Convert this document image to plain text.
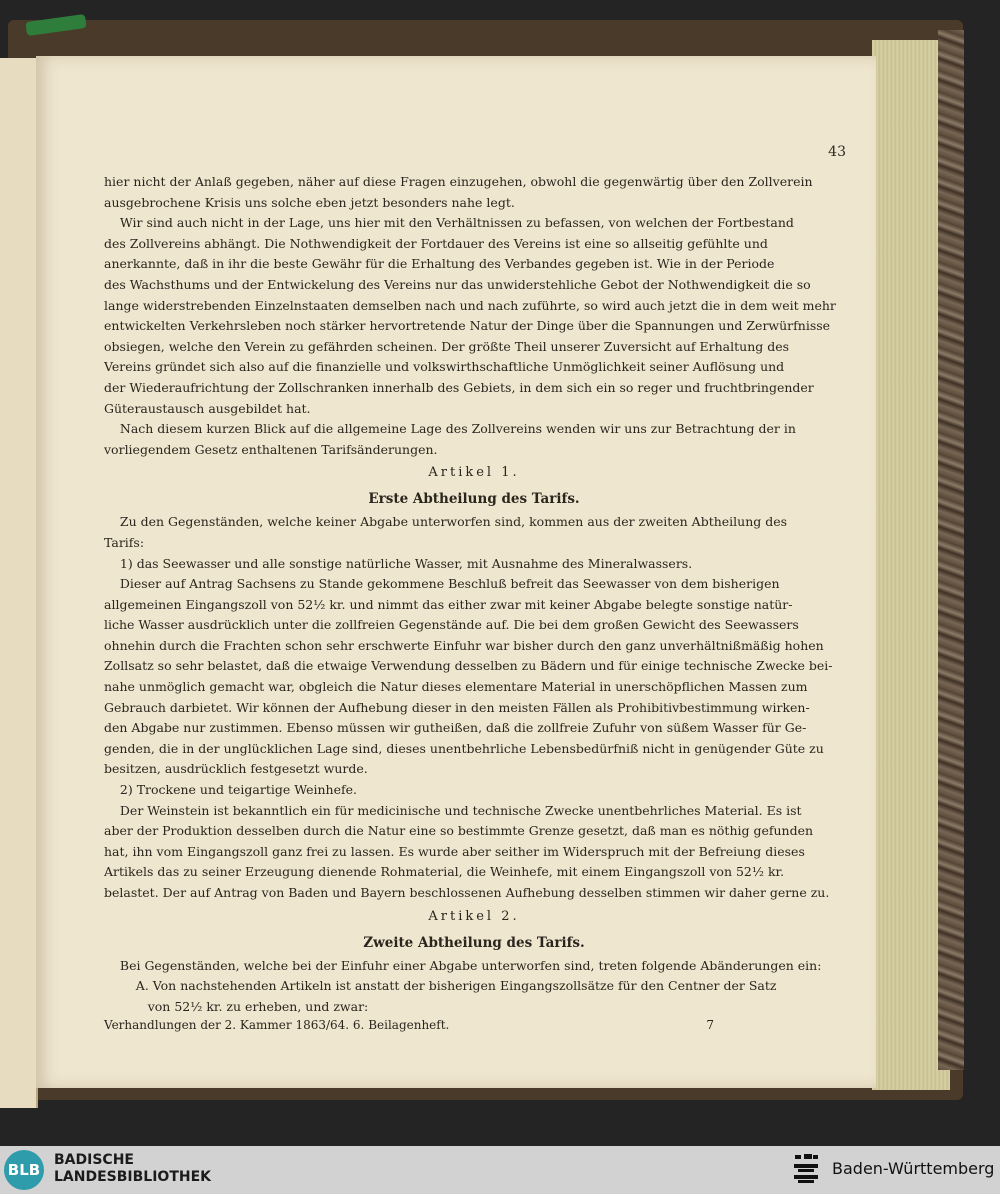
43
hier nicht der Anlaß gegeben, näher auf diese Fragen einzugehen, obwohl die gegenwärtig über den Zollverein
ausgebrochene Krisis uns solche eben jetzt besonders nahe legt.
Wir sind auch nicht in der Lage, uns hier mit den Verhältnissen zu befassen, von welchen der Fortbestand
des Zollvereins abhängt. Die Nothwendigkeit der Fortdauer des Vereins ist eine so allseitig gefühlte und
anerkannte, daß in ihr die beste Gewähr für die Erhaltung des Verbandes gegeben ist. Wie in der Periode
des Wachsthums und der Entwickelung des Vereins nur das unwiderstehliche Gebot der Nothwendigkeit die so
lange widerstrebenden Einzelnstaaten demselben nach und nach zuführte, so wird auch jetzt die in dem weit mehr
entwickelten Verkehrsleben noch stärker hervortretende Natur der Dinge über die Spannungen und Zerwürfnisse
obsiegen, welche den Verein zu gefährden scheinen. Der größte Theil unserer Zuversicht auf Erhaltung des
Vereins gründet sich also auf die finanzielle und volkswirthschaftliche Unmöglichkeit seiner Auflösung und
der Wiederaufrichtung der Zollschranken innerhalb des Gebiets, in dem sich ein so reger und fruchtbringender
Güteraustausch ausgebildet hat.
Nach diesem kurzen Blick auf die allgemeine Lage des Zollvereins wenden wir uns zur Betrachtung der in
vorliegendem Gesetz enthaltenen Tarifsänderungen.
Artikel 1.
Erste Abtheilung des Tarifs.
Zu den Gegenständen, welche keiner Abgabe unterworfen sind, kommen aus der zweiten Abtheilung des
Tarifs:
1) das Seewasser und alle sonstige natürliche Wasser, mit Ausnahme des Mineralwassers.
Dieser auf Antrag Sachsens zu Stande gekommene Beschluß befreit das Seewasser von dem bisherigen
allgemeinen Eingangszoll von 52½ kr. und nimmt das either zwar mit keiner Abgabe belegte sonstige natür-
liche Wasser ausdrücklich unter die zollfreien Gegenstände auf. Die bei dem großen Gewicht des Seewassers
ohnehin durch die Frachten schon sehr erschwerte Einfuhr war bisher durch den ganz unverhältnißmäßig hohen
Zollsatz so sehr belastet, daß die etwaige Verwendung desselben zu Bädern und für einige technische Zwecke bei-
nahe unmöglich gemacht war, obgleich die Natur dieses elementare Material in unerschöpflichen Massen zum
Gebrauch darbietet. Wir können der Aufhebung dieser in den meisten Fällen als Prohibitivbestimmung wirken-
den Abgabe nur zustimmen. Ebenso müssen wir gutheißen, daß die zollfreie Zufuhr von süßem Wasser für Ge-
genden, die in der unglücklichen Lage sind, dieses unentbehrliche Lebensbedürfniß nicht in genügender Güte zu
besitzen, ausdrücklich festgesetzt wurde.
2) Trockene und teigartige Weinhefe.
Der Weinstein ist bekanntlich ein für medicinische und technische Zwecke unentbehrliches Material. Es ist
aber der Produktion desselben durch die Natur eine so bestimmte Grenze gesetzt, daß man es nöthig gefunden
hat, ihn vom Eingangszoll ganz frei zu lassen. Es wurde aber seither im Widerspruch mit der Befreiung dieses
Artikels das zu seiner Erzeugung dienende Rohmaterial, die Weinhefe, mit einem Eingangszoll von 52½ kr.
belastet. Der auf Antrag von Baden und Bayern beschlossenen Aufhebung desselben stimmen wir daher gerne zu.
Artikel 2.
Zweite Abtheilung des Tarifs.
Bei Gegenständen, welche bei der Einfuhr einer Abgabe unterworfen sind, treten folgende Abänderungen ein:
A. Von nachstehenden Artikeln ist anstatt der bisherigen Eingangszollsätze für den Centner der Satz
von 52½ kr. zu erheben, und zwar:
Verhandlungen der 2. Kammer 1863/64. 6. Beilagenheft.	7
BLB
BADISCHE
LANDESBIBLIOTHEK	Baden-Württemberg
